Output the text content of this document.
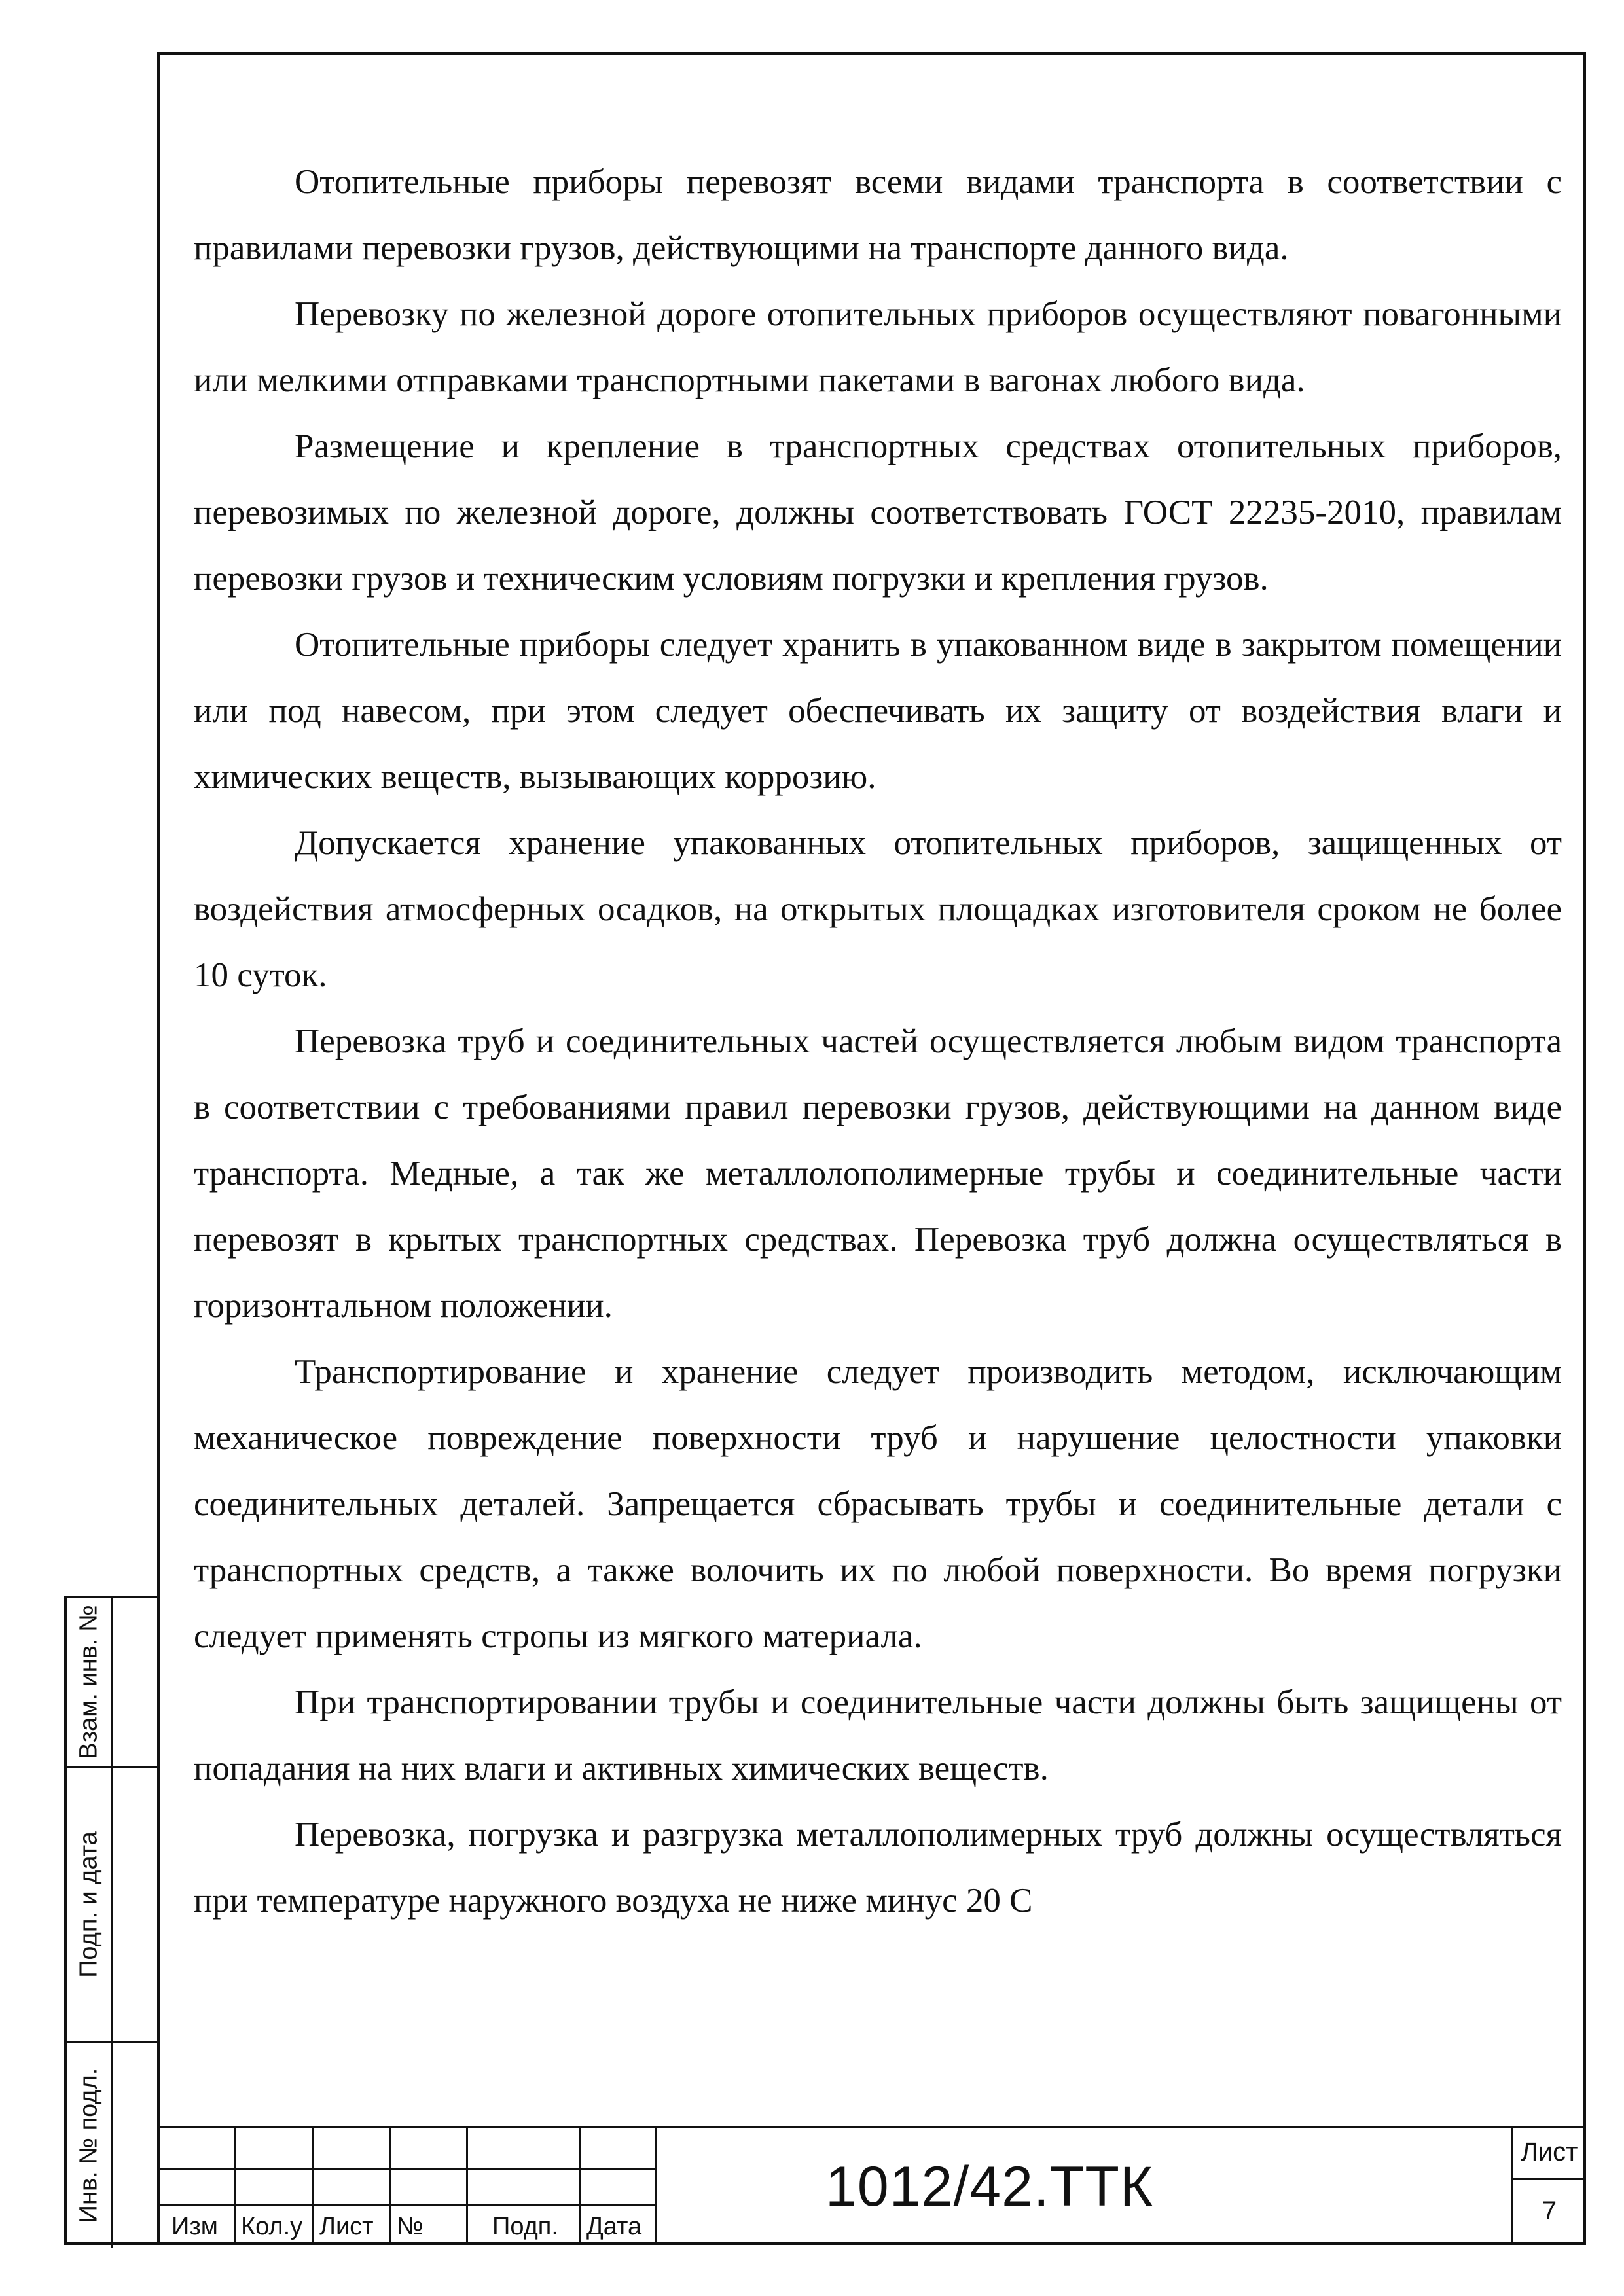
Отопительные приборы перевозят всеми видами транспорта в соответствии с правилами перевозки грузов, действующими на транспорте данного вида.

Перевозку по железной дороге отопительных приборов осуществляют повагонными или мелкими отправками транспортными пакетами в вагонах любого вида.

Размещение и крепление в транспортных средствах отопительных приборов, перевозимых по железной дороге, должны соответствовать ГОСТ 22235-2010, правилам перевозки грузов и техническим условиям погрузки и крепления грузов.

Отопительные приборы следует хранить в упакованном виде в закрытом помещении или под навесом, при этом следует обеспечивать их защиту от воздействия влаги и химических веществ, вызывающих коррозию.

Допускается хранение упакованных отопительных приборов, защищенных от воздействия атмосферных осадков, на открытых площадках изготовителя сроком не более 10 суток.

Перевозка труб и соединительных частей осуществляется любым видом транспорта в соответствии с требованиями правил перевозки грузов, действующими на данном виде транспорта. Медные, а так же металлолополимерные трубы и соединительные части перевозят в крытых транспортных средствах. Перевозка труб должна осуществляться в горизонтальном положении.

Транспортирование и хранение следует производить методом, исключающим механическое повреждение поверхности труб и нарушение целостности упаковки соединительных деталей. Запрещается сбрасывать трубы и соединительные детали с транспортных средств, а также волочить их по любой поверхности. Во время погрузки следует применять стропы из мягкого материала.

При транспортировании трубы и соединительные части должны быть защищены от попадания на них влаги и активных химических веществ.

Перевозка, погрузка и разгрузка металлополимерных труб должны осуществляться при температуре наружного воздуха не ниже минус 20 С

Взам. инв. №
Подп. и дата
Инв. № подл.
Изм Кол.у Лист №	Подп. Дата
1012/42.ТТК
Лист
7
